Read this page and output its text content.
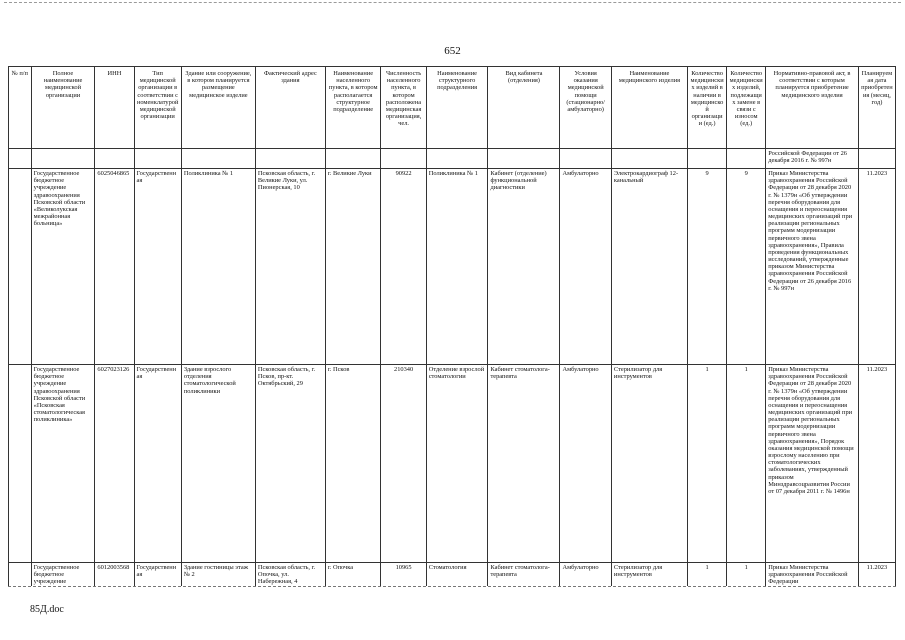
652
№ п/п	Полное наименование медицинской организации	ИНН	Тип медицинской организации в соответствии с номенклатурой медицинской организации	Здание или сооружение, в котором планируется размещение медицинское изделие	Фактический адрес здания	Наименование населенного пункта, в котором располагается структурное подразделение	Численность населенного пункта, в котором расположена медицинская организация, чел.	Наименование структурного подразделения	Вид кабинета (отделения)	Условия оказания медицинской помощи (стационарно/ амбулаторно)	Наименование медицинского изделия	Количество медицинских изделий в наличии в медицинской организации (ед.)	Количество медицинских изделий, подлежащих замене в связи с износом (ед.)	Нормативно-правовой акт, в соответствии с которым планируется приобретение медицинского изделия	Планируемая дата приобретения (месяц, год)
														Российской Федерации от 26 декабря 2016 г. № 997н	
	Государственное бюджетное учреждение здравоохранения Псковской области «Великолукская межрайонная больница»	6025046865	Государственная	Поликлиника № 1	Псковская область, г. Великие Луки, ул. Пионерская, 10	г. Великие Луки	90922	Поликлиника № 1	Кабинет (отделение) функциональной диагностики	Амбулаторно	Электрокардиограф 12-канальный	9	9	Приказ Министерства здравоохранения Российской Федерации от 28 декабря 2020 г. № 1379н «Об утверждении перечня оборудования для оснащения и переоснащения медицинских организаций при реализации региональных программ модернизации первичного звена здравоохранения», Правила проведения функциональных исследований, утвержденные приказом Министерства здравоохранения Российской Федерации от 26 декабря 2016 г. № 997н	11.2023
	Государственное бюджетное учреждение здравоохранения Псковской области «Псковская стоматологическая поликлиника»	6027023126	Государственная	Здание взрослого отделения стоматологической поликлиники	Псковская область, г. Псков, пр-кт. Октябрьский, 29	г. Псков	210340	Отделение взрослой стоматологии	Кабинет стоматолога-терапевта	Амбулаторно	Стерилизатор для инструментов	1	1	Приказ Министерства здравоохранения Российской Федерации от 28 декабря 2020 г. № 1379н «Об утверждении перечня оборудования для оснащения и переоснащения медицинских организаций при реализации региональных программ модернизации первичного звена здравоохранения», Порядок оказания медицинской помощи взрослому населению при стоматологических заболеваниях, утвержденный приказом Минздравсоцразвития России от 07 декабря 2011 г. № 1496н	11.2023
	Государственное бюджетное учреждение	6012003568	Государственная	Здание гостиницы этаж № 2	Псковская область, г. Опочка, ул. Набережная, 4	г. Опочка	10965	Стоматология	Кабинет стоматолога-терапевта	Амбулаторно	Стерилизатор для инструментов	1	1	Приказ Министерства здравоохранения Российской Федерации	11.2023
85Д.doc
